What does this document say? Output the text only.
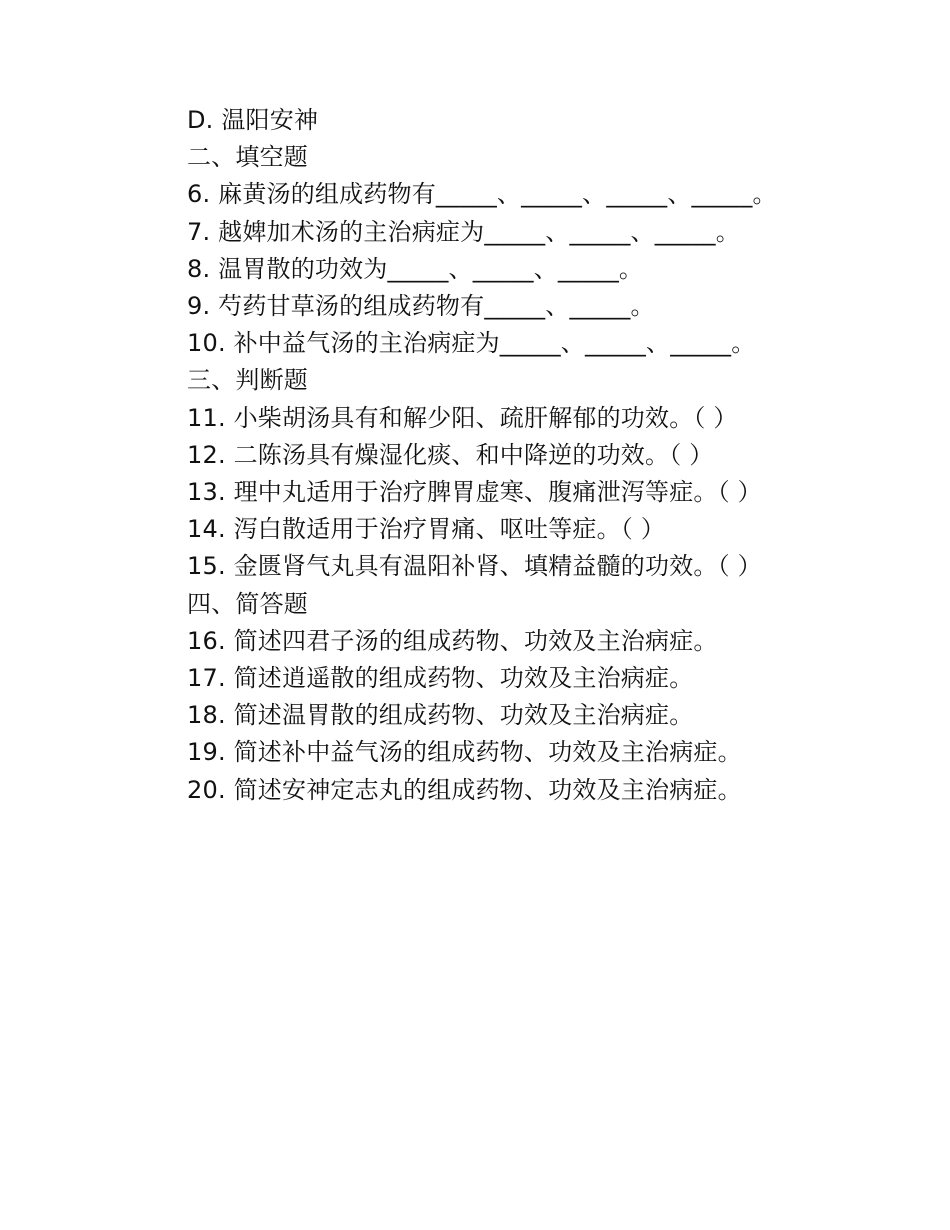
D. 温阳安神
二、填空题
6. 麻黄汤的组成药物有_____、_____、_____、_____。
7. 越婢加术汤的主治病症为_____、_____、_____。
8. 温胃散的功效为_____、_____、_____。
9. 芍药甘草汤的组成药物有_____、_____。
10. 补中益气汤的主治病症为_____、_____、_____。
三、判断题
11. 小柴胡汤具有和解少阳、疏肝解郁的功效。（ ）
12. 二陈汤具有燥湿化痰、和中降逆的功效。（ ）
13. 理中丸适用于治疗脾胃虚寒、腹痛泄泻等症。（ ）
14. 泻白散适用于治疗胃痛、呕吐等症。（ ）
15. 金匮肾气丸具有温阳补肾、填精益髓的功效。（ ）
四、简答题
16. 简述四君子汤的组成药物、功效及主治病症。
17. 简述逍遥散的组成药物、功效及主治病症。
18. 简述温胃散的组成药物、功效及主治病症。
19. 简述补中益气汤的组成药物、功效及主治病症。
20. 简述安神定志丸的组成药物、功效及主治病症。
